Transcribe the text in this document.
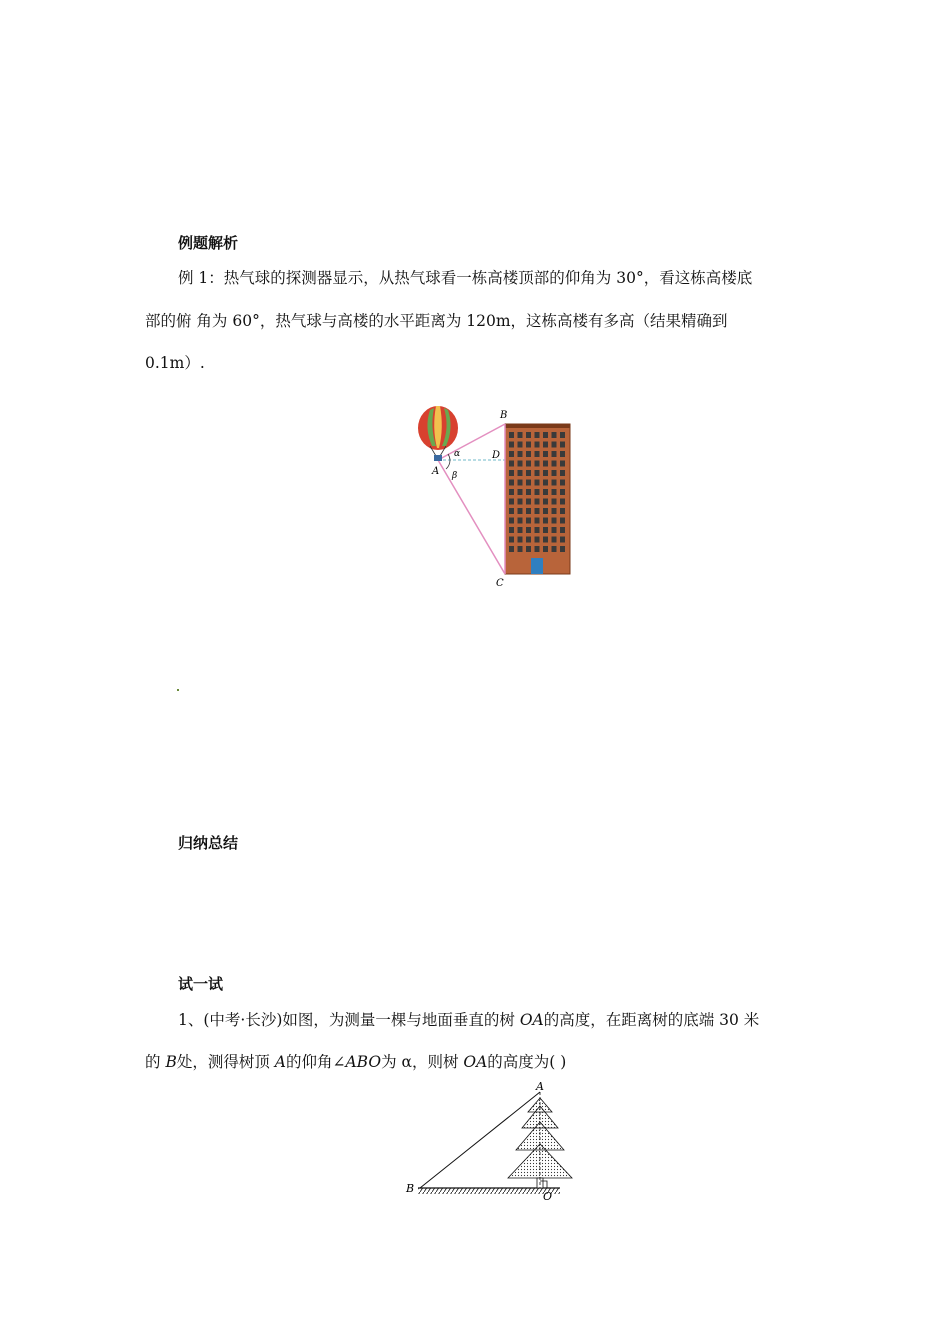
例题解析
例 1：热气球的探测器显示，从热气球看一栋高楼顶部的仰角为 30°，看这栋高楼底
部的俯 角为 60°，热气球与高楼的水平距离为 120m，这栋高楼有多高（结果精确到
0.1m）.
B
A
C
D
α
β
归纳总结
试一试
1、(中考·长沙)如图，为测量一棵与地面垂直的树 OA的高度，在距离树的底端 30 米
的 B处，测得树顶 A的仰角∠ABO为 α，则树 OA的高度为( )
A
B
O
